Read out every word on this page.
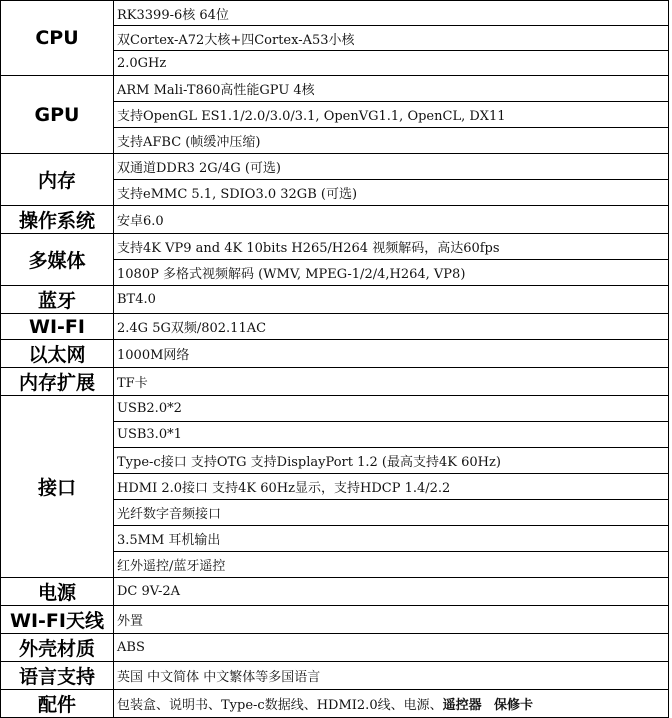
CPU	RK3399-6核 64位
	双Cortex-A72大核+四Cortex-A53小核
	2.0GHz
GPU	ARM Mali-T860高性能GPU 4核
	支持OpenGL ES1.1/2.0/3.0/3.1, OpenVG1.1, OpenCL, DX11
	支持AFBC (帧缓冲压缩)
内存	双通道DDR3 2G/4G (可选)
	支持eMMC 5.1, SDIO3.0 32GB (可选)
操作系统	安卓6.0
多媒体	支持4K VP9 and 4K 10bits H265/H264 视频解码，高达60fps
	1080P 多格式视频解码 (WMV, MPEG-1/2/4,H264, VP8)
蓝牙	BT4.0
WI-FI	2.4G 5G双频/802.11AC
以太网	1000M网络
内存扩展	TF卡
接口	USB2.0*2
	USB3.0*1
	Type-c接口 支持OTG 支持DisplayPort 1.2 (最高支持4K 60Hz)
	HDMI 2.0接口 支持4K 60Hz显示，支持HDCP 1.4/2.2
	光纤数字音频接口
	3.5MM 耳机输出
	红外遥控/蓝牙遥控
电源	DC 9V-2A
WI-FI天线	外置
外壳材质	ABS
语言支持	英国 中文简体 中文繁体等多国语言
配件	包装盒、说明书、Type-c数据线、HDMI2.0线、电源、遥控器 保修卡
